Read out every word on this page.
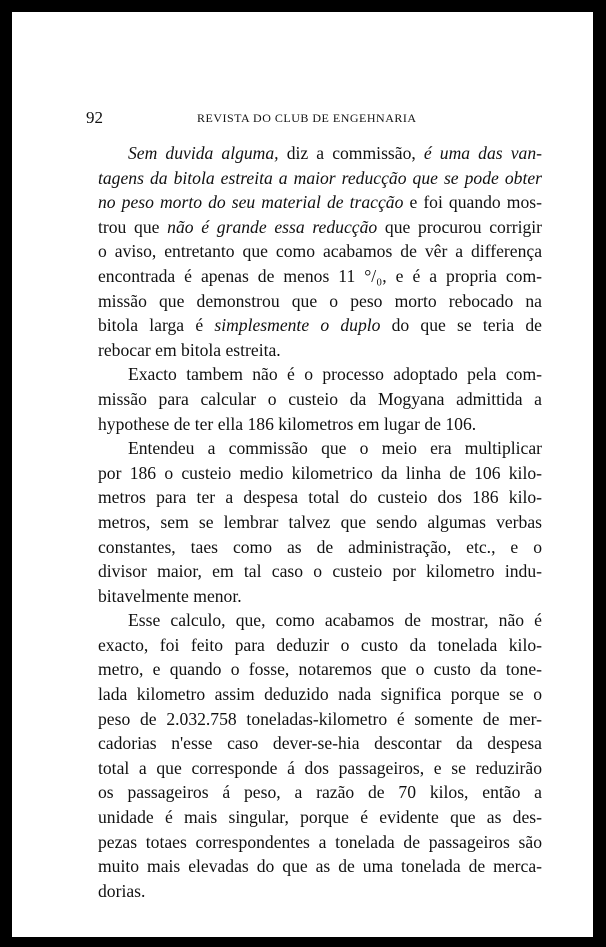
92	REVISTA DO CLUB DE ENGEHNARIA
Sem duvida alguma, diz a commissão, é uma das van-
tagens da bitola estreita a maior reducção que se pode obter
no peso morto do seu material de tracção e foi quando mos-
trou que não é grande essa reducção que procurou corrigir
o aviso, entretanto que como acabamos de vêr a differença
encontrada é apenas de menos 11 °/₀, e é a propria com-
missão que demonstrou que o peso morto rebocado na
bitola larga é simplesmente o duplo do que se teria de
rebocar em bitola estreita.
Exacto tambem não é o processo adoptado pela com-
missão para calcular o custeio da Mogyana admittida a
hypothese de ter ella 186 kilometros em lugar de 106.
Entendeu a commissão que o meio era multiplicar
por 186 o custeio medio kilometrico da linha de 106 kilo-
metros para ter a despesa total do custeio dos 186 kilo-
metros, sem se lembrar talvez que sendo algumas verbas
constantes, taes como as de administração, etc., e o
divisor maior, em tal caso o custeio por kilometro indu-
bitavelmente menor.
Esse calculo, que, como acabamos de mostrar, não é
exacto, foi feito para deduzir o custo da tonelada kilo-
metro, e quando o fosse, notaremos que o custo da tone-
lada kilometro assim deduzido nada significa porque se o
peso de 2.032.758 toneladas-kilometro é somente de mer-
cadorias n'esse caso dever-se-hia descontar da despesa
total a que corresponde á dos passageiros, e se reduzirão
os passageiros á peso, a razão de 70 kilos, então a
unidade é mais singular, porque é evidente que as des-
pezas totaes correspondentes a tonelada de passageiros são
muito mais elevadas do que as de uma tonelada de merca-
dorias.
